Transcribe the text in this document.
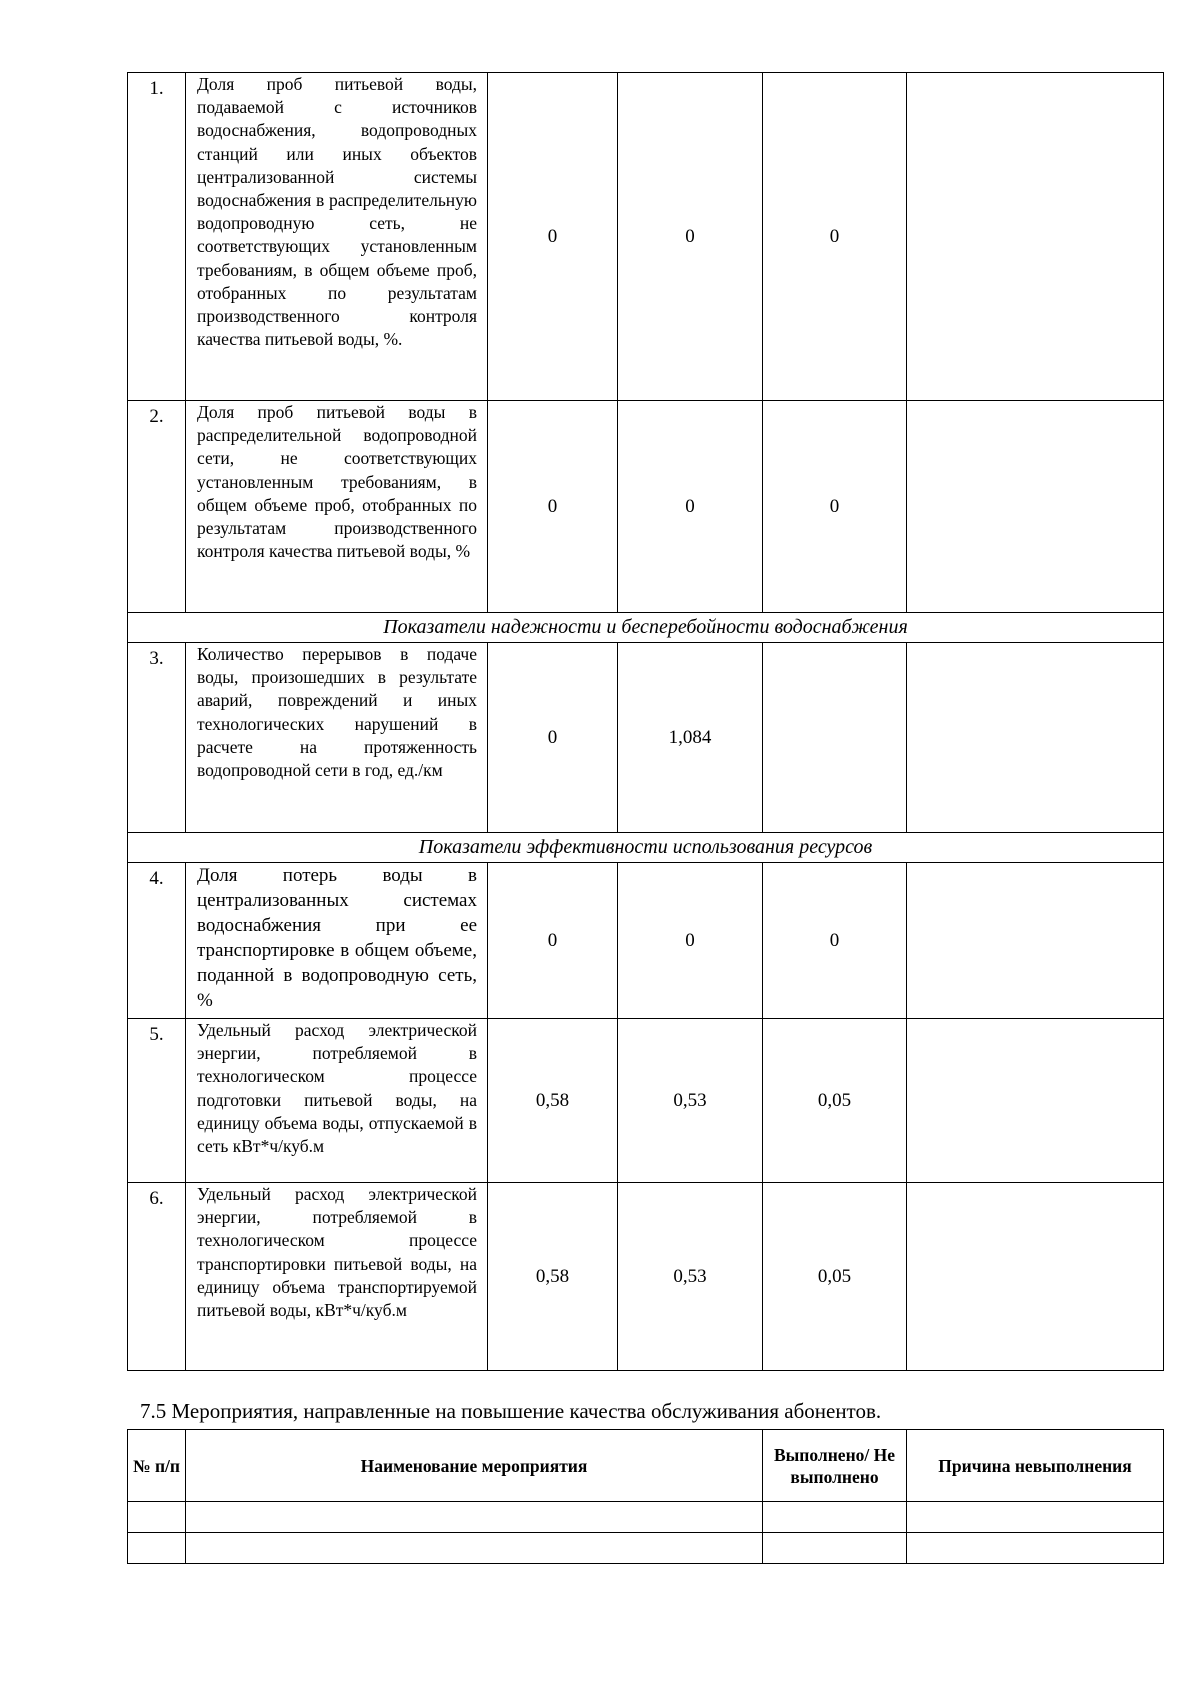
1.	Доля проб питьевой воды, подаваемой с источников водоснабжения, водопроводных станций или иных объектов централизованной системы водоснабжения в распределительную водопроводную сеть, не соответствующих установленным требованиям, в общем объеме проб, отобранных по результатам производственного контроля качества питьевой воды, %.	0	0	0	
2.	Доля проб питьевой воды в распределительной водопроводной сети, не соответствующих установленным требованиям, в общем объеме проб, отобранных по результатам производственного контроля качества питьевой воды, %	0	0	0	
Показатели надежности и бесперебойности водоснабжения					
3.	Количество перерывов в подаче воды, произошедших в результате аварий, повреждений и иных технологических нарушений в расчете на протяженность водопроводной сети в год, ед./км	0	1,084		
Показатели эффективности использования ресурсов					
4.	Доля потерь воды в централизованных системах водоснабжения при ее транспортировке в общем объеме, поданной в водопроводную сеть, %	0	0	0	
5.	Удельный расход электрической энергии, потребляемой в технологическом процессе подготовки питьевой воды, на единицу объема воды, отпускаемой в сеть кВт*ч/куб.м	0,58	0,53	0,05	
6.	Удельный расход электрической энергии, потребляемой в технологическом процессе транспортировки питьевой воды, на единицу объема транспортируемой питьевой воды, кВт*ч/куб.м	0,58	0,53	0,05	
7.5 Мероприятия, направленные на повышение качества обслуживания абонентов.
№ п/п	Наименование мероприятия	Выполнено/ Не выполнено	Причина невыполнения
